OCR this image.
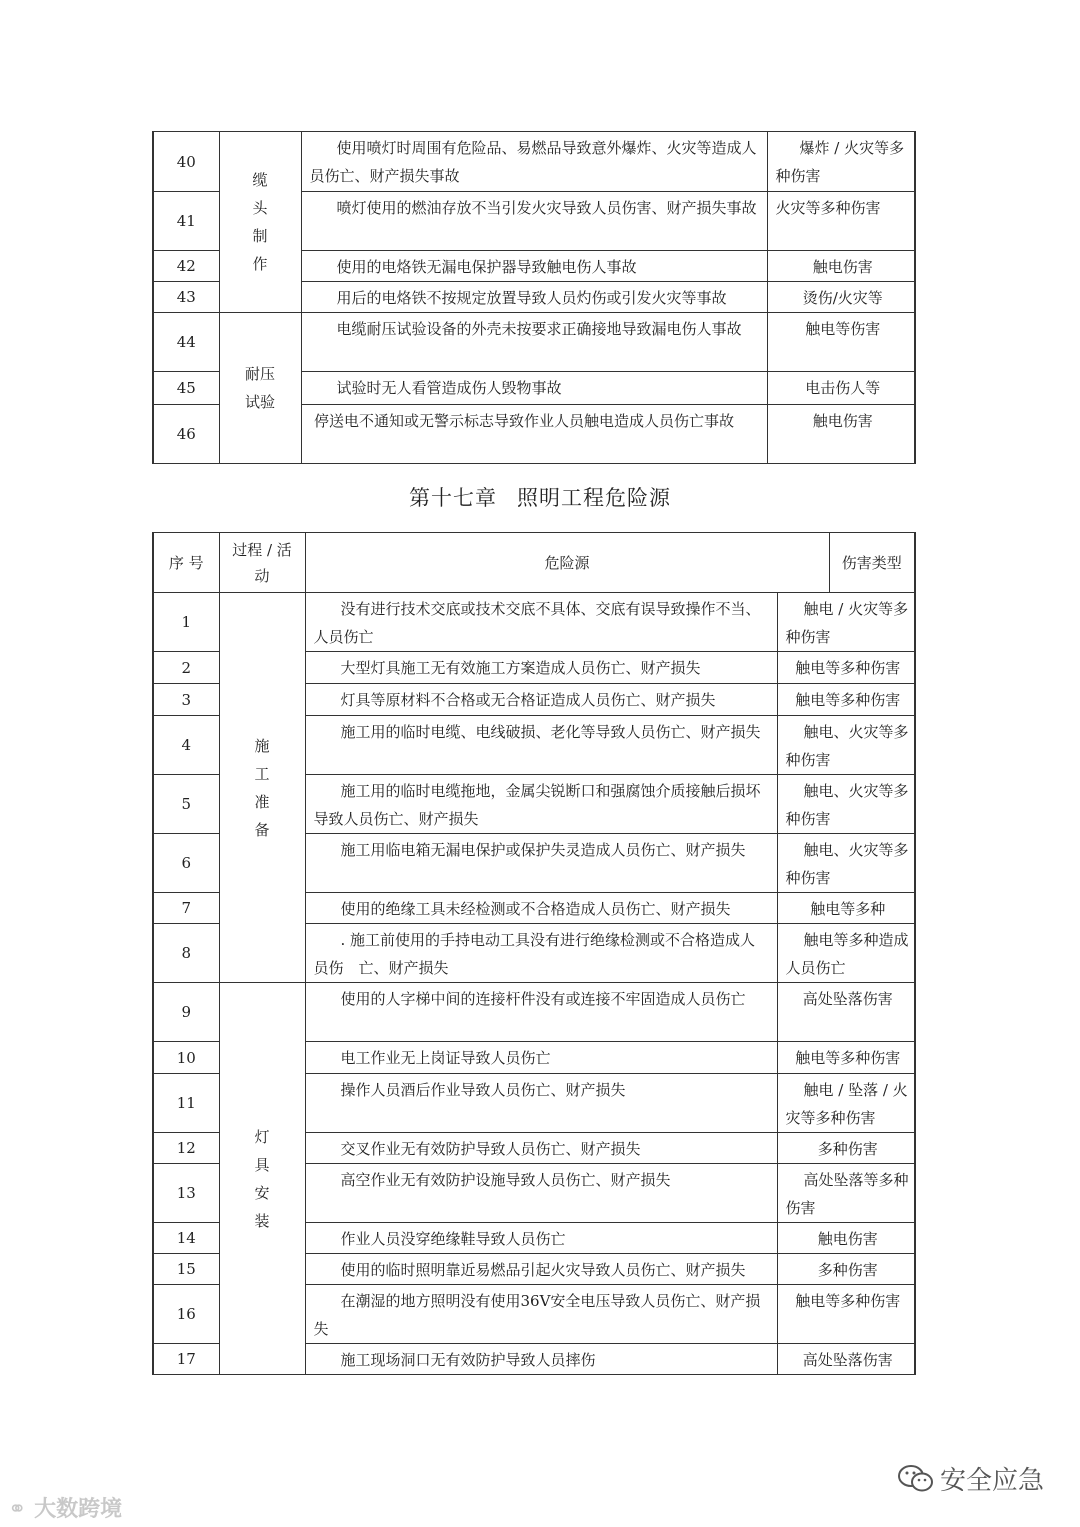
40	缆头制作	使用喷灯时周围有危险品、易燃品导致意外爆炸、火灾等造成人员伤亡、财产损失事故	爆炸 / 火灾等多种伤害
41		喷灯使用的燃油存放不当引发火灾导致人员伤害、财产损失事故	火灾等多种伤害
42		使用的电烙铁无漏电保护器导致触电伤人事故	触电伤害
43		用后的电烙铁不按规定放置导致人员灼伤或引发火灾等事故	烫伤/火灾等
44	耐压试验	电缆耐压试验设备的外壳未按要求正确接地导致漏电伤人事故	触电等伤害
45		试验时无人看管造成伤人毁物事故	电击伤人等
46		停送电不通知或无警示标志导致作业人员触电造成人员伤亡事故	触电伤害
第十七章 照明工程危险源
序 号	过程 / 活动	危险源	伤害类型
1	施工准备	没有进行技术交底或技术交底不具体、交底有误导致操作不当、人员伤亡	触电 / 火灾等多种伤害
2		大型灯具施工无有效施工方案造成人员伤亡、财产损失	触电等多种伤害
3		灯具等原材料不合格或无合格证造成人员伤亡、财产损失	触电等多种伤害
4		施工用的临时电缆、电线破损、老化等导致人员伤亡、财产损失	触电、火灾等多种伤害
5		施工用的临时电缆拖地，金属尖锐断口和强腐蚀介质接触后损坏导致人员伤亡、财产损失	触电、火灾等多种伤害
6		施工用临电箱无漏电保护或保护失灵造成人员伤亡、财产损失	触电、火灾等多种伤害
7		使用的绝缘工具未经检测或不合格造成人员伤亡、财产损失	触电等多种
8		. 施工前使用的手持电动工具没有进行绝缘检测或不合格造成人员伤　亡、财产损失	触电等多种造成人员伤亡
9	灯具安装	使用的人字梯中间的连接杆件没有或连接不牢固造成人员伤亡	高处坠落伤害
10		电工作业无上岗证导致人员伤亡	触电等多种伤害
11		操作人员酒后作业导致人员伤亡、财产损失	触电 / 坠落 / 火灾等多种伤害
12		交叉作业无有效防护导致人员伤亡、财产损失	多种伤害
13		高空作业无有效防护设施导致人员伤亡、财产损失	高处坠落等多种伤害
14		作业人员没穿绝缘鞋导致人员伤亡	触电伤害
15		使用的临时照明靠近易燃品引起火灾导致人员伤亡、财产损失	多种伤害
16		在潮湿的地方照明没有使用36V安全电压导致人员伤亡、财产损失	触电等多种伤害
17		施工现场洞口无有效防护导致人员摔伤	高处坠落伤害
⚭ 大数跨境
安全应急
